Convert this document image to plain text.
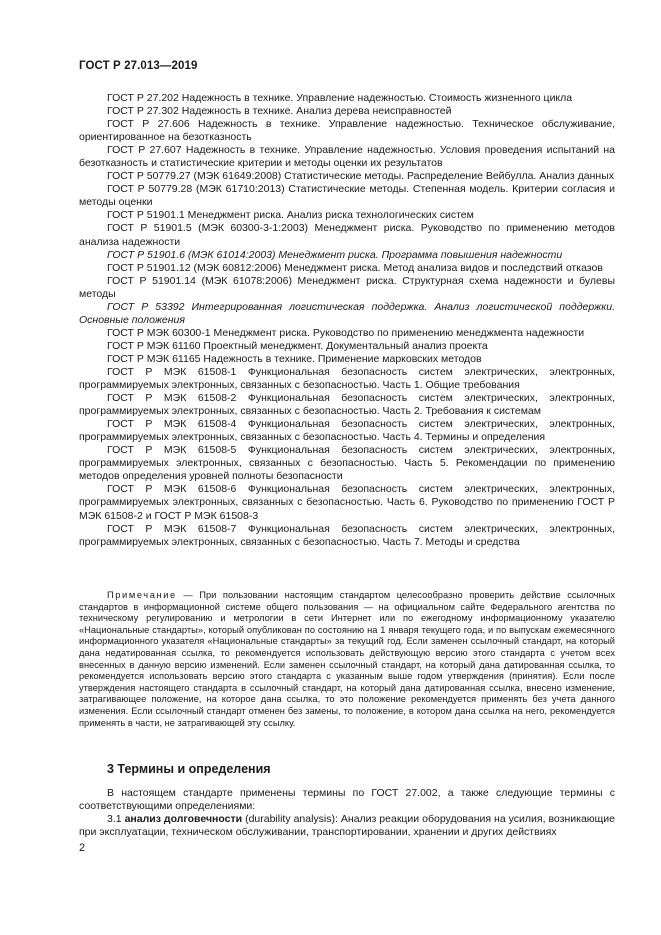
ГОСТ Р 27.013—2019

ГОСТ Р 27.202 Надежность в технике. Управление надежностью. Стоимость жизненного цикла

ГОСТ Р 27.302 Надежность в технике. Анализ дерева неисправностей

ГОСТ Р 27.606 Надежность в технике. Управление надежностью. Техническое обслуживание, ориентированное на безотказность

ГОСТ Р 27.607 Надежность в технике. Управление надежностью. Условия проведения испытаний на безотказность и статистические критерии и методы оценки их результатов

ГОСТ Р 50779.27 (МЭК 61649:2008) Статистические методы. Распределение Вейбулла. Анализ данных

ГОСТ Р 50779.28 (МЭК 61710:2013) Статистические методы. Степенная модель. Критерии согласия и методы оценки

ГОСТ Р 51901.1 Менеджмент риска. Анализ риска технологических систем

ГОСТ Р 51901.5 (МЭК 60300-3-1:2003) Менеджмент риска. Руководство по применению методов анализа надежности

ГОСТ Р 51901.6 (МЭК 61014:2003) Менеджмент риска. Программа повышения надежности

ГОСТ Р 51901.12 (МЭК 60812:2006) Менеджмент риска. Метод анализа видов и последствий отказов

ГОСТ Р 51901.14 (МЭК 61078:2006) Менеджмент риска. Структурная схема надежности и булевы методы

ГОСТ Р 53392 Интегрированная логистическая поддержка. Анализ логистической поддержки. Основные положения

ГОСТ Р МЭК 60300-1 Менеджмент риска. Руководство по применению менеджмента надежности

ГОСТ Р МЭК 61160 Проектный менеджмент. Документальный анализ проекта

ГОСТ Р МЭК 61165 Надежность в технике. Применение марковских методов

ГОСТ Р МЭК 61508-1 Функциональная безопасность систем электрических, электронных, программируемых электронных, связанных с безопасностью. Часть 1. Общие требования

ГОСТ Р МЭК 61508-2 Функциональная безопасность систем электрических, электронных, программируемых электронных, связанных с безопасностью. Часть 2. Требования к системам

ГОСТ Р МЭК 61508-4 Функциональная безопасность систем электрических, электронных, программируемых электронных, связанных с безопасностью. Часть 4. Термины и определения

ГОСТ Р МЭК 61508-5 Функциональная безопасность систем электрических, электронных, программируемых электронных, связанных с безопасностью. Часть 5. Рекомендации по применению методов определения уровней полноты безопасности

ГОСТ Р МЭК 61508-6 Функциональная безопасность систем электрических, электронных, программируемых электронных, связанных с безопасностью. Часть 6. Руководство по применению ГОСТ Р МЭК 61508-2 и ГОСТ Р МЭК 61508-3

ГОСТ Р МЭК 61508-7 Функциональная безопасность систем электрических, электронных, программируемых электронных, связанных с безопасностью. Часть 7. Методы и средства

Примечание — При пользовании настоящим стандартом целесообразно проверить действие ссылочных стандартов в информационной системе общего пользования — на официальном сайте Федерального агентства по техническому регулированию и метрологии в сети Интернет или по ежегодному информационному указателю «Национальные стандарты», который опубликован по состоянию на 1 января текущего года, и по выпускам ежемесячного информационного указателя «Национальные стандарты» за текущий год. Если заменен ссылочный стандарт, на который дана недатированная ссылка, то рекомендуется использовать действующую версию этого стандарта с учетом всех внесенных в данную версию изменений. Если заменен ссылочный стандарт, на который дана датированная ссылка, то рекомендуется использовать версию этого стандарта с указанным выше годом утверждения (принятия). Если после утверждения настоящего стандарта в ссылочный стандарт, на который дана датированная ссылка, внесено изменение, затрагивающее положение, на которое дана ссылка, то это положение рекомендуется применять без учета данного изменения. Если ссылочный стандарт отменен без замены, то положение, в котором дана ссылка на него, рекомендуется применять в части, не затрагивающей эту ссылку.

3 Термины и определения

В настоящем стандарте применены термины по ГОСТ 27.002, а также следующие термины с соответствующими определениями:

3.1 анализ долговечности (durability analysis): Анализ реакции оборудования на усилия, возникающие при эксплуатации, техническом обслуживании, транспортировании, хранении и других действиях

2
